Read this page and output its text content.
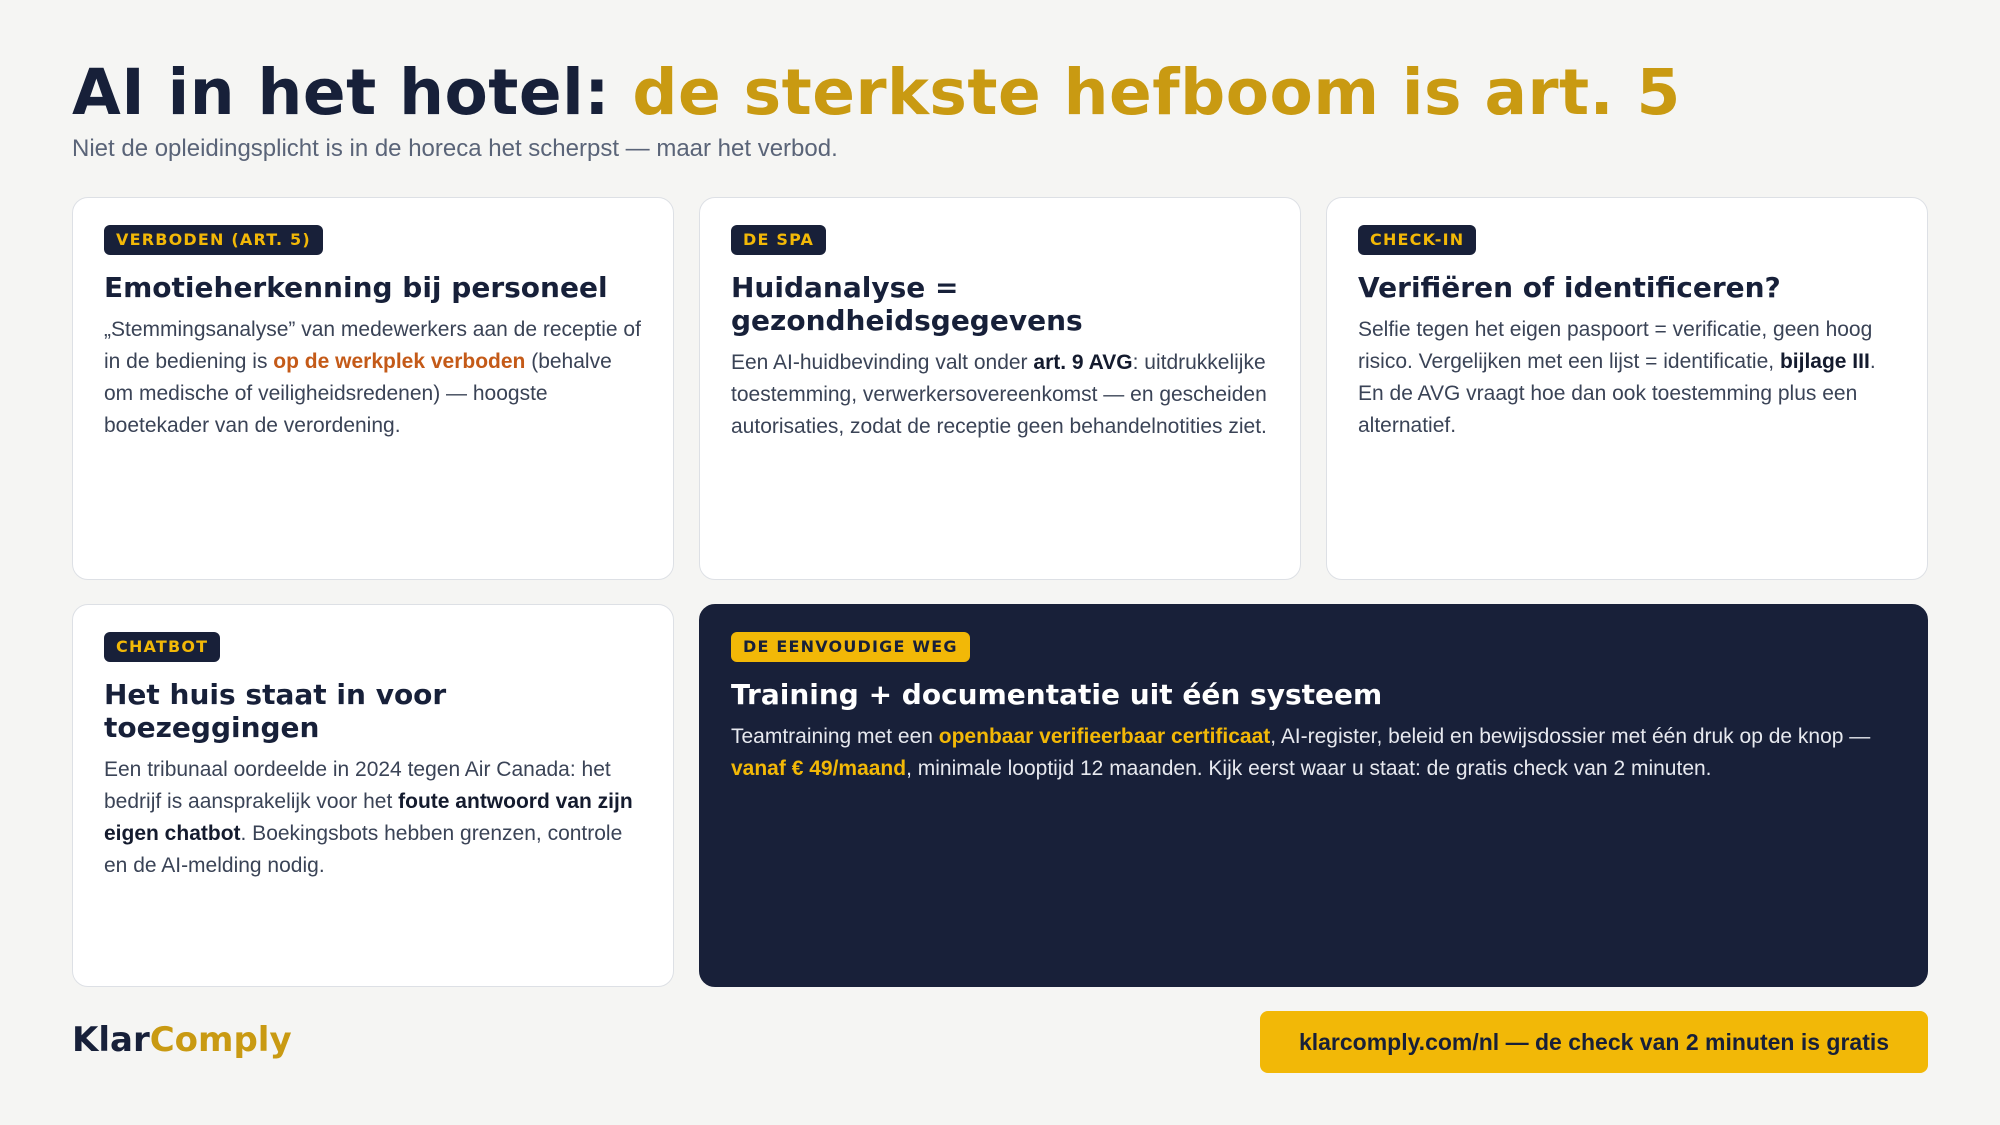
AI in het hotel: de sterkste hefboom is art. 5

Niet de opleidingsplicht is in de horeca het scherpst — maar het verbod.

VERBODEN (ART. 5)
Emotieherkenning bij personeel

„Stemmingsanalyse” van medewerkers aan de receptie of in de bediening is op de werkplek verboden (behalve om medische of veiligheidsredenen) — hoogste boetekader van de verordening.

DE SPA
Huidanalyse = gezondheidsgegevens

Een AI-huidbevinding valt onder art. 9 AVG: uitdrukkelijke toestemming, verwerkersovereenkomst — en gescheiden autorisaties, zodat de receptie geen behandelnotities ziet.

CHECK-IN
Verifiëren of identificeren?

Selfie tegen het eigen paspoort = verificatie, geen hoog risico. Vergelijken met een lijst = identificatie, bijlage III. En de AVG vraagt hoe dan ook toestemming plus een alternatief.

CHATBOT
Het huis staat in voor toezeggingen

Een tribunaal oordeelde in 2024 tegen Air Canada: het bedrijf is aansprakelijk voor het foute antwoord van zijn eigen chatbot. Boekingsbots hebben grenzen, controle en de AI-melding nodig.

DE EENVOUDIGE WEG
Training + documentatie uit één systeem

Teamtraining met een openbaar verifieerbaar certificaat, AI-register, beleid en bewijsdossier met één druk op de knop — vanaf € 49/maand, minimale looptijd 12 maanden. Kijk eerst waar u staat: de gratis check van 2 minuten.

KlarComply	klarcomply.com/nl — de check van 2 minuten is gratis
